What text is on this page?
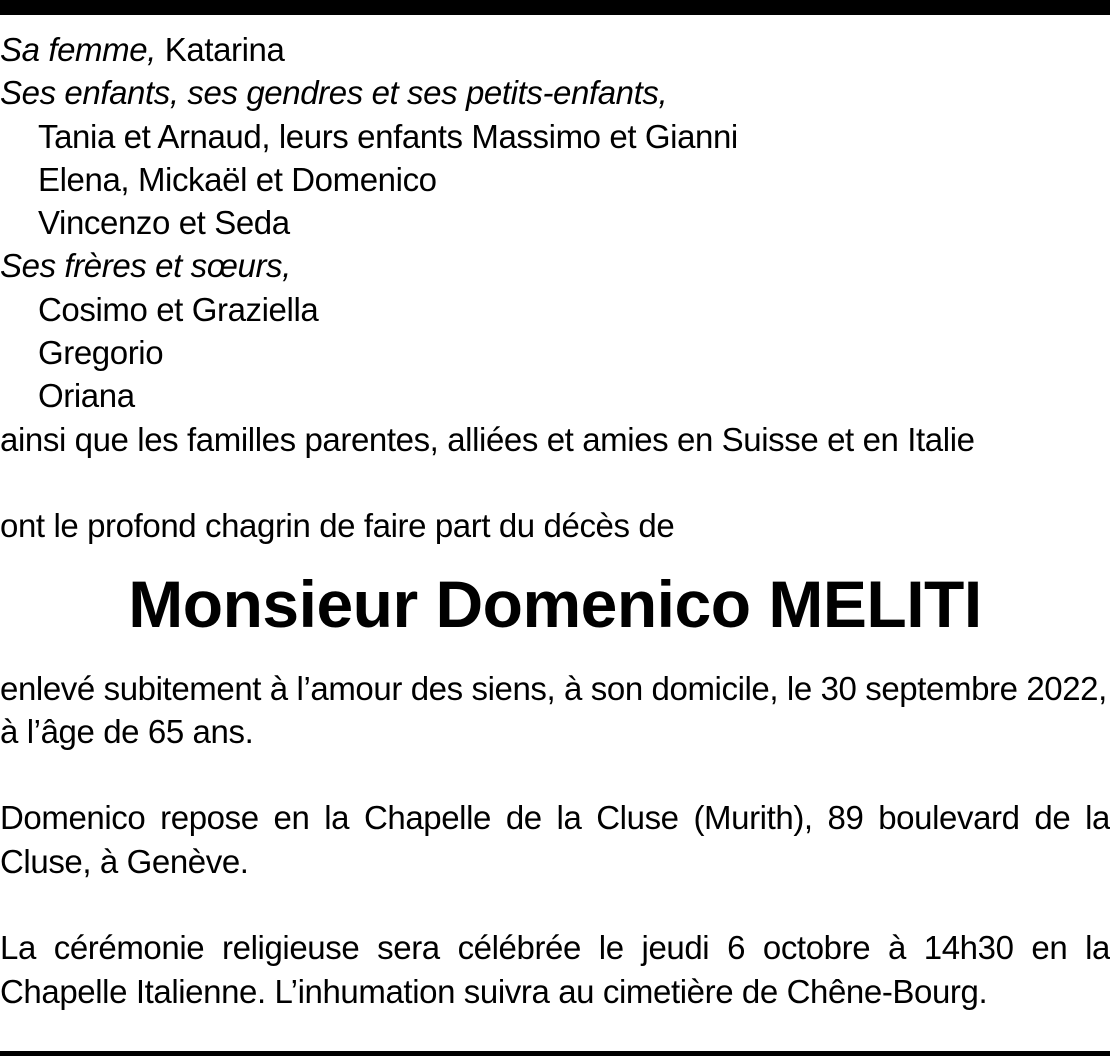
Sa femme, Katarina
Ses enfants, ses gendres et ses petits-enfants,
Tania et Arnaud, leurs enfants Massimo et Gianni
Elena, Mickaël et Domenico
Vincenzo et Seda
Ses frères et sœurs,
Cosimo et Graziella
Gregorio
Oriana
ainsi que les familles parentes, alliées et amies en Suisse et en Italie
ont le profond chagrin de faire part du décès de
Monsieur Domenico MELITI
enlevé subitement à l’amour des siens, à son domicile, le 30 septembre 2022,
à l’âge de 65 ans.
Domenico repose en la Chapelle de la Cluse (Murith), 89 boulevard de la Cluse, à Genève.
La cérémonie religieuse sera célébrée le jeudi 6 octobre à 14h30 en la Chapelle Italienne. L’inhumation suivra au cimetière de Chêne-Bourg.
